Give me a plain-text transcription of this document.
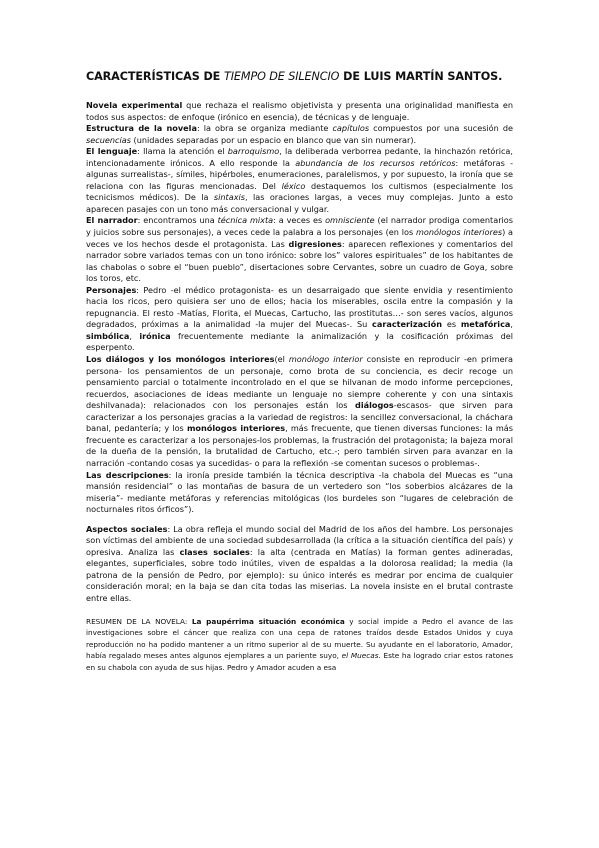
CARACTERÍSTICAS DE TIEMPO DE SILENCIO DE LUIS MARTÍN SANTOS.

Novela experimental que rechaza el realismo objetivista y presenta una originalidad manifiesta en todos sus aspectos: de enfoque (irónico en esencia), de técnicas y de lenguaje.

Estructura de la novela: la obra se organiza mediante capítulos compuestos por una sucesión de secuencias (unidades separadas por un espacio en blanco que van sin numerar).

El lenguaje: llama la atención el barroquismo, la deliberada verborrea pedante, la hinchazón retórica, intencionadamente irónicos. A ello responde la abundancia de los recursos retóricos: metáforas -algunas surrealistas-, símiles, hipérboles, enumeraciones, paralelismos, y por supuesto, la ironía que se relaciona con las figuras mencionadas. Del léxico destaquemos los cultismos (especialmente los tecnicismos médicos). De la sintaxis, las oraciones largas, a veces muy complejas. Junto a esto aparecen pasajes con un tono más conversacional y vulgar.

El narrador: encontramos una técnica mixta: a veces es omnisciente (el narrador prodiga comentarios y juicios sobre sus personajes), a veces cede la palabra a los personajes (en los monólogos interiores) a veces ve los hechos desde el protagonista. Las digresiones: aparecen reflexiones y comentarios del narrador sobre variados temas con un tono irónico: sobre los” valores espirituales” de los habitantes de las chabolas o sobre el “buen pueblo”, disertaciones sobre Cervantes, sobre un cuadro de Goya, sobre los toros, etc.

Personajes: Pedro -el médico protagonista- es un desarraigado que siente envidia y resentimiento hacia los ricos, pero quisiera ser uno de ellos; hacia los miserables, oscila entre la compasión y la repugnancia. El resto -Matías, Florita, el Muecas, Cartucho, las prostitutas…- son seres vacíos, algunos degradados, próximas a la animalidad -la mujer del Muecas-. Su caracterización es metafórica, simbólica, irónica frecuentemente mediante la animalización y la cosificación próximas del esperpento.

Los diálogos y los monólogos interiores(el monólogo interior consiste en reproducir -en primera persona- los pensamientos de un personaje, como brota de su conciencia, es decir recoge un pensamiento parcial o totalmente incontrolado en el que se hilvanan de modo informe percepciones, recuerdos, asociaciones de ideas mediante un lenguaje no siempre coherente y con una sintaxis deshilvanada): relacionados con los personajes están los diálogos-escasos- que sirven para caracterizar a los personajes gracias a la variedad de registros: la sencillez conversacional, la cháchara banal, pedantería; y los monólogos interiores, más frecuente, que tienen diversas funciones: la más frecuente es caracterizar a los personajes-los problemas, la frustración del protagonista; la bajeza moral de la dueña de la pensión, la brutalidad de Cartucho, etc.-; pero también sirven para avanzar en la narración -contando cosas ya sucedidas- o para la reflexión -se comentan sucesos o problemas-.

Las descripciones: la ironía preside también la técnica descriptiva -la chabola del Muecas es “una mansión residencial” o las montañas de basura de un vertedero son “los soberbios alcázares de la miseria”- mediante metáforas y referencias mitológicas (los burdeles son “lugares de celebración de nocturnales ritos órficos”).

Aspectos sociales: La obra refleja el mundo social del Madrid de los años del hambre. Los personajes son víctimas del ambiente de una sociedad subdesarrollada (la crítica a la situación científica del país) y opresiva. Analiza las clases sociales: la alta (centrada en Matías) la forman gentes adineradas, elegantes, superficiales, sobre todo inútiles, viven de espaldas a la dolorosa realidad; la media (la patrona de la pensión de Pedro, por ejemplo): su único interés es medrar por encima de cualquier consideración moral; en la baja se dan cita todas las miserias. La novela insiste en el brutal contraste entre ellas.

RESUMEN DE LA NOVELA: La paupérrima situación económica y social impide a Pedro el avance de las investigaciones sobre el cáncer que realiza con una cepa de ratones traídos desde Estados Unidos y cuya reproducción no ha podido mantener a un ritmo superior al de su muerte. Su ayudante en el laboratorio, Amador, había regalado meses antes algunos ejemplares a un pariente suyo, el Muecas. Este ha logrado criar estos ratones en su chabola con ayuda de sus hijas. Pedro y Amador acuden a esa
